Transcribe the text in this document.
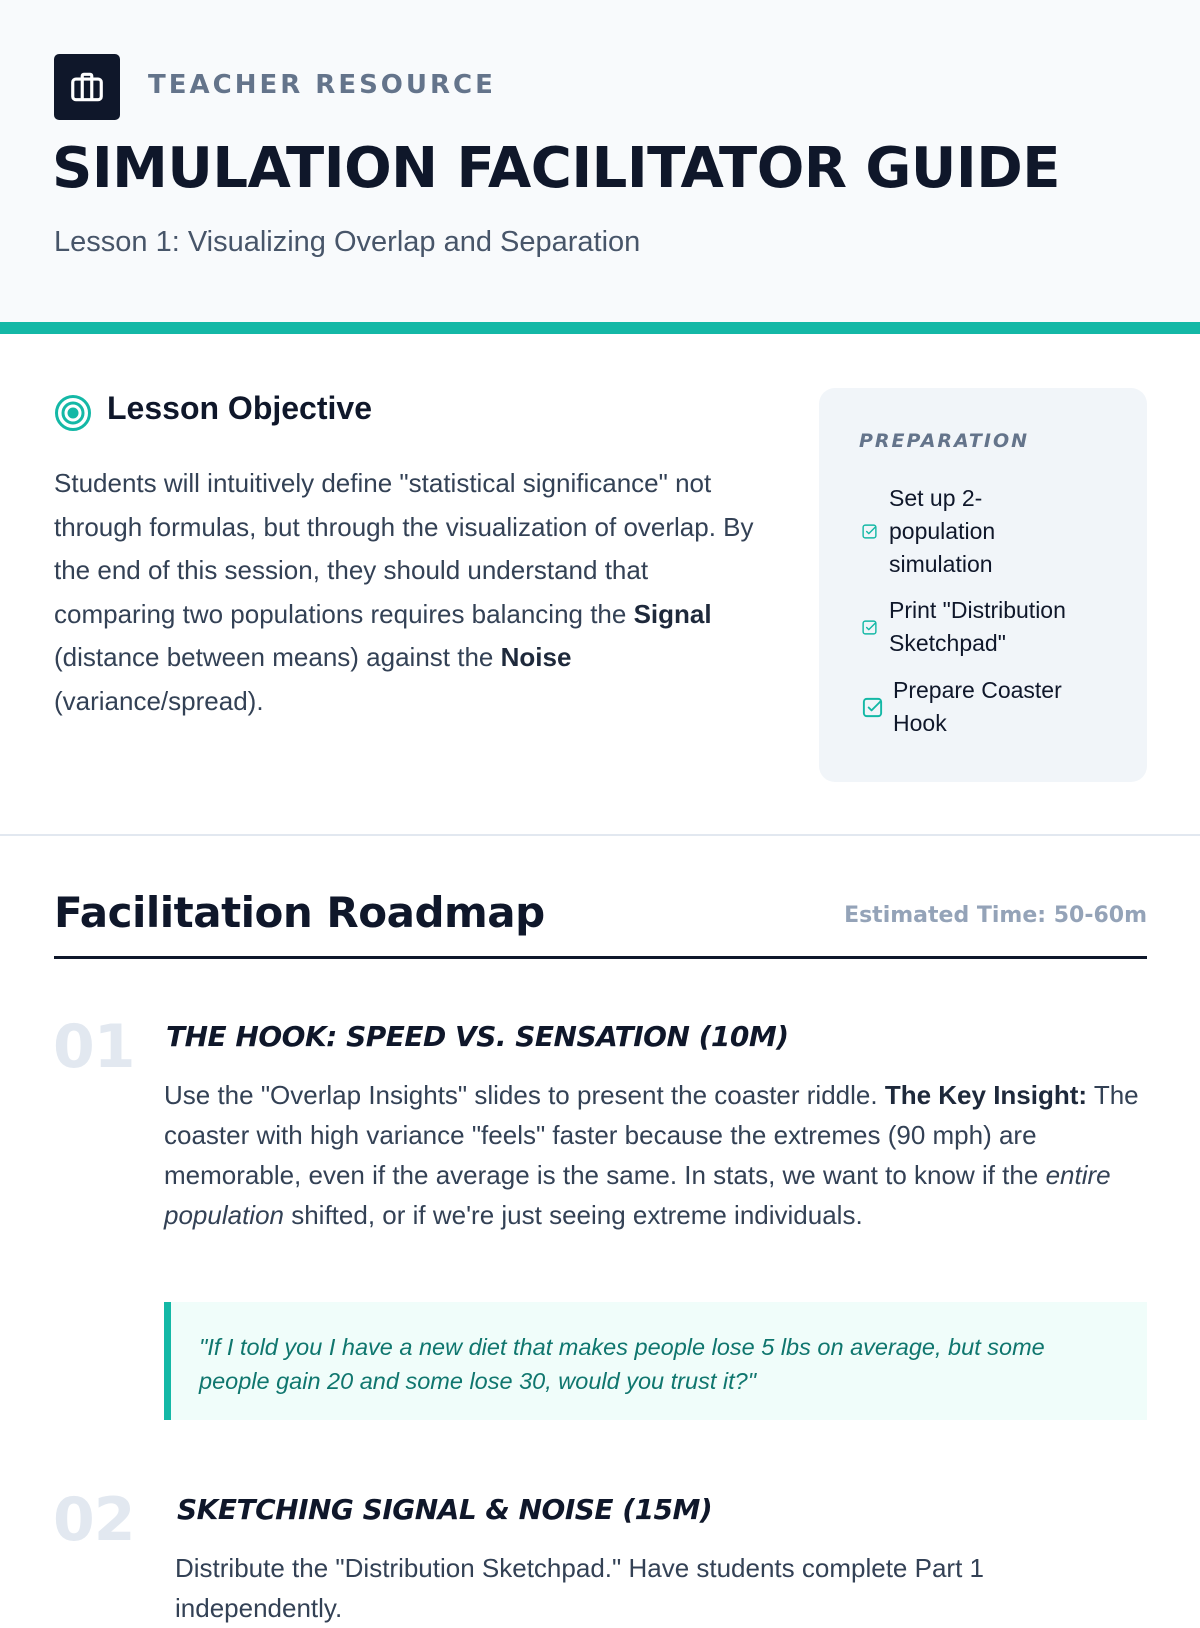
TEACHER RESOURCE
SIMULATION FACILITATOR GUIDE
Lesson 1: Visualizing Overlap and Separation
Lesson Objective
Students will intuitively define "statistical significance" not through formulas, but through the visualization of overlap. By the end of this session, they should understand that comparing two populations requires balancing the Signal (distance between means) against the Noise (variance/spread).
PREPARATION
Set up 2-population simulation
Print "Distribution Sketchpad"
Prepare Coaster Hook
Facilitation Roadmap	Estimated Time: 50-60m
01 THE HOOK: SPEED VS. SENSATION (10M)
Use the "Overlap Insights" slides to present the coaster riddle. The Key Insight: The coaster with high variance "feels" faster because the extremes (90 mph) are memorable, even if the average is the same. In stats, we want to know if the entire population shifted, or if we're just seeing extreme individuals.
"If I told you I have a new diet that makes people lose 5 lbs on average, but some people gain 20 and some lose 30, would you trust it?"
02 SKETCHING SIGNAL & NOISE (15M)
Distribute the "Distribution Sketchpad." Have students complete Part 1 independently.
